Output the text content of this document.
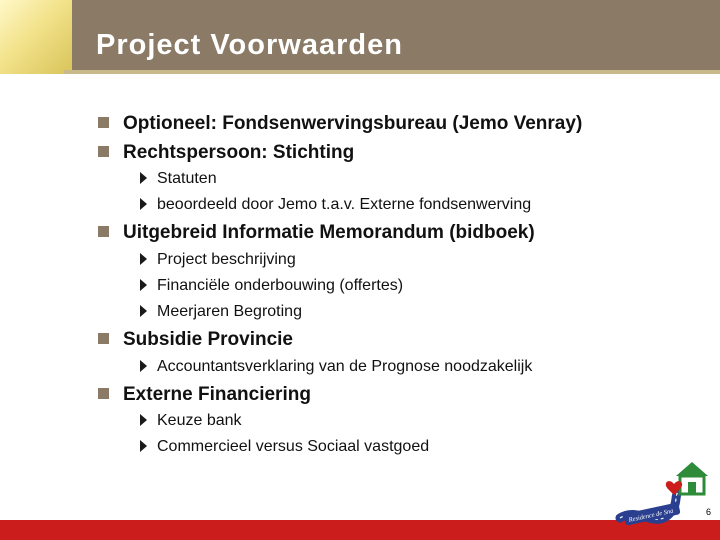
Project Voorwaarden
Optioneel: Fondsenwervingsbureau (Jemo Venray)
Rechtspersoon: Stichting
Statuten
beoordeeld door Jemo t.a.v. Externe fondsenwerving
Uitgebreid Informatie Memorandum (bidboek)
Project beschrijving
Financiële onderbouwing (offertes)
Meerjaren Begroting
Subsidie Provincie
Accountantsverklaring van de Prognose noodzakelijk
Externe Financiering
Keuze bank
Commercieel versus Sociaal vastgoed
Residence de Sna	6
